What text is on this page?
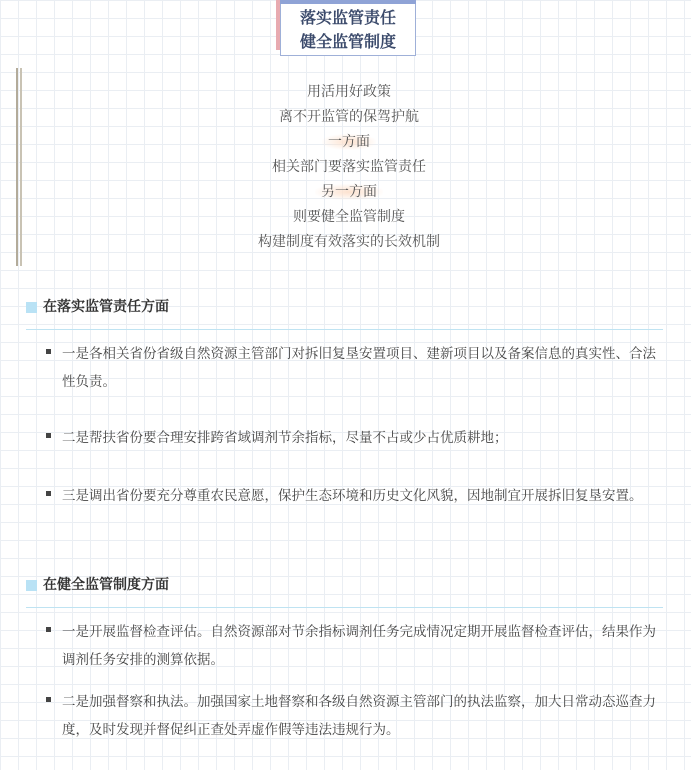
落实监管责任
健全监管制度
用活用好政策
离不开监管的保驾护航
一方面
相关部门要落实监管责任
另一方面
则要健全监管制度
构建制度有效落实的长效机制
在落实监管责任方面
一是各相关省份省级自然资源主管部门对拆旧复垦安置项目、建新项目以及备案信息的真实性、合法性负责。
二是帮扶省份要合理安排跨省域调剂节余指标，尽量不占或少占优质耕地；
三是调出省份要充分尊重农民意愿，保护生态环境和历史文化风貌，因地制宜开展拆旧复垦安置。
在健全监管制度方面
一是开展监督检查评估。自然资源部对节余指标调剂任务完成情况定期开展监督检查评估，结果作为调剂任务安排的测算依据。
二是加强督察和执法。加强国家土地督察和各级自然资源主管部门的执法监察，加大日常动态巡查力度，及时发现并督促纠正查处弄虚作假等违法违规行为。
